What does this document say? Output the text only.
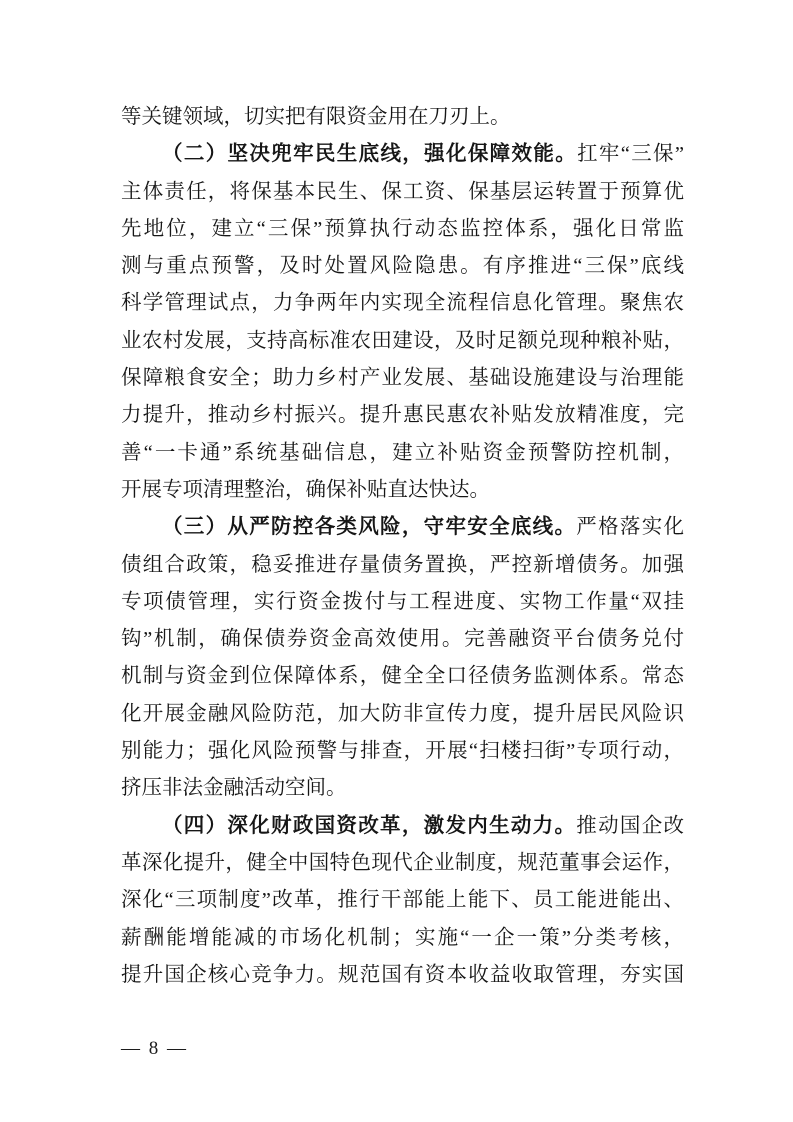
等关键领域，切实把有限资金用在刀刃上。
（二）坚决兜牢民生底线，强化保障效能。扛牢“三保”
主体责任，将保基本民生、保工资、保基层运转置于预算优
先地位，建立“三保”预算执行动态监控体系，强化日常监
测与重点预警，及时处置风险隐患。有序推进“三保”底线
科学管理试点，力争两年内实现全流程信息化管理。聚焦农
业农村发展，支持高标准农田建设，及时足额兑现种粮补贴，
保障粮食安全；助力乡村产业发展、基础设施建设与治理能
力提升，推动乡村振兴。提升惠民惠农补贴发放精准度，完
善“一卡通”系统基础信息，建立补贴资金预警防控机制，
开展专项清理整治，确保补贴直达快达。
（三）从严防控各类风险，守牢安全底线。严格落实化
债组合政策，稳妥推进存量债务置换，严控新增债务。加强
专项债管理，实行资金拨付与工程进度、实物工作量“双挂
钩”机制，确保债券资金高效使用。完善融资平台债务兑付
机制与资金到位保障体系，健全全口径债务监测体系。常态
化开展金融风险防范，加大防非宣传力度，提升居民风险识
别能力；强化风险预警与排查，开展“扫楼扫街”专项行动，
挤压非法金融活动空间。
（四）深化财政国资改革，激发内生动力。推动国企改
革深化提升，健全中国特色现代企业制度，规范董事会运作，
深化“三项制度”改革，推行干部能上能下、员工能进能出、
薪酬能增能减的市场化机制；实施“一企一策”分类考核，
提升国企核心竞争力。规范国有资本收益收取管理，夯实国
— 8 —
